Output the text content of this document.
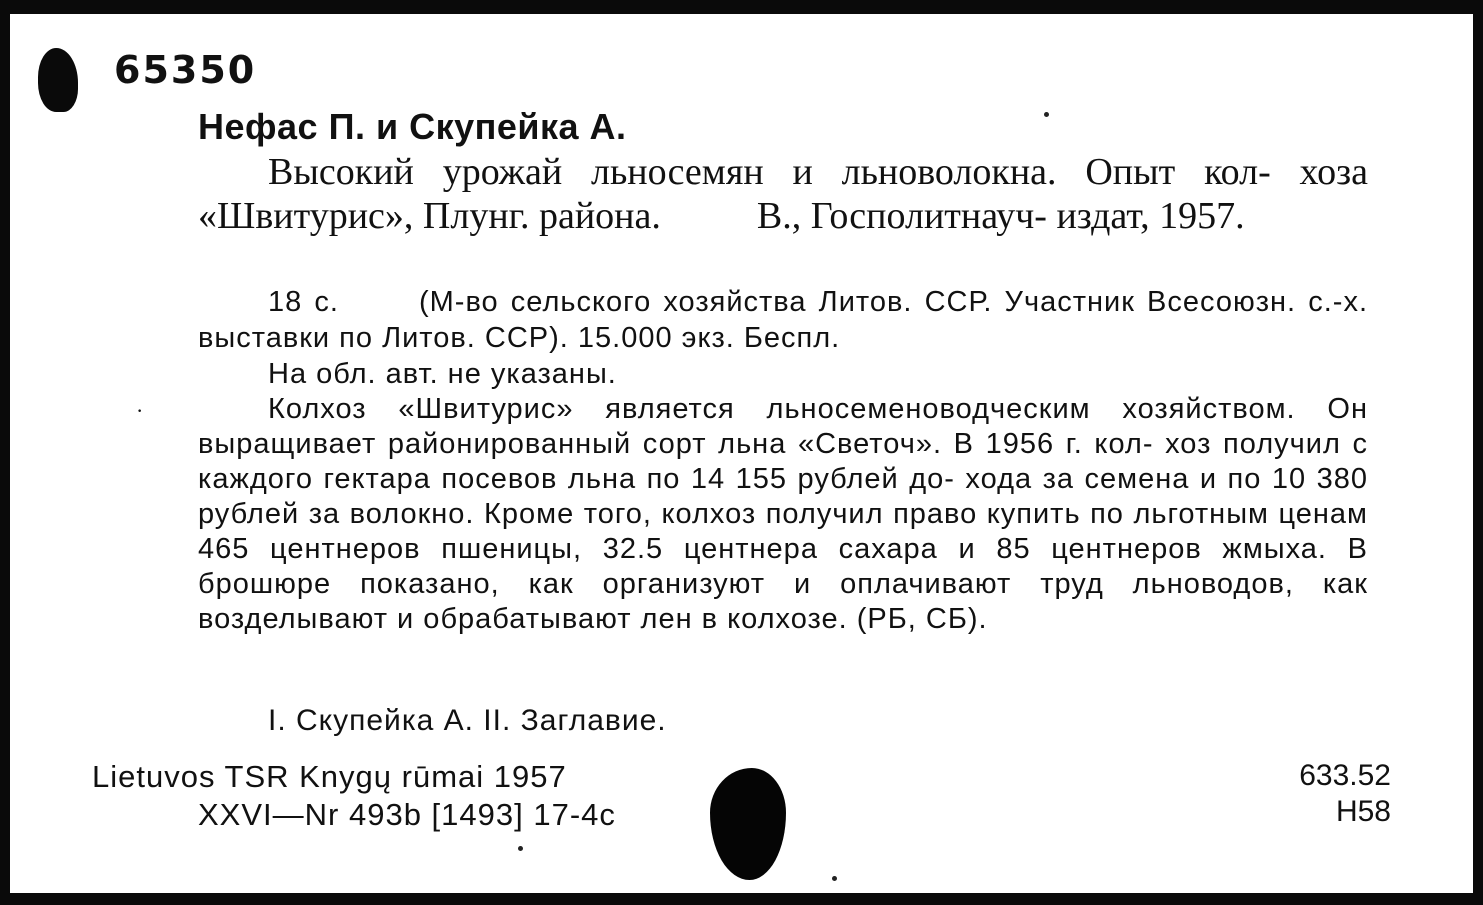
65350
Нефас П. и Скупейка А.
Высокий урожай льносемян и льноволокна. Опыт кол- хоза «Швитурис», Плунг. района.	В., Госполитнауч- издат, 1957.
18 с.	(М-во сельского хозяйства Литов. ССР. Участник Всесоюзн. с.-х. выставки по Литов. ССР). 15.000 экз. Беспл.
На обл. авт. не указаны.
·	Колхоз «Швитурис» является льносеменоводческим хозяйством. Он выращивает районированный сорт льна «Светоч». В 1956 г. кол- хоз получил с каждого гектара посевов льна по 14 155 рублей до- хода за семена и по 10 380 рублей за волокно. Кроме того, колхоз получил право купить по льготным ценам 465 центнеров пшеницы, 32.5 центнера сахара и 85 центнеров жмыха. В брошюре показано, как организуют и оплачивают труд льноводов, как возделывают и обрабатывают лен в колхозе. (РБ, СБ).
I. Скупейка А. II. Заглавие.
Lietuvos TSR Knygų rūmai 1957
XXVI—Nr 493b [1493] 17-4c
633.52
Н58
